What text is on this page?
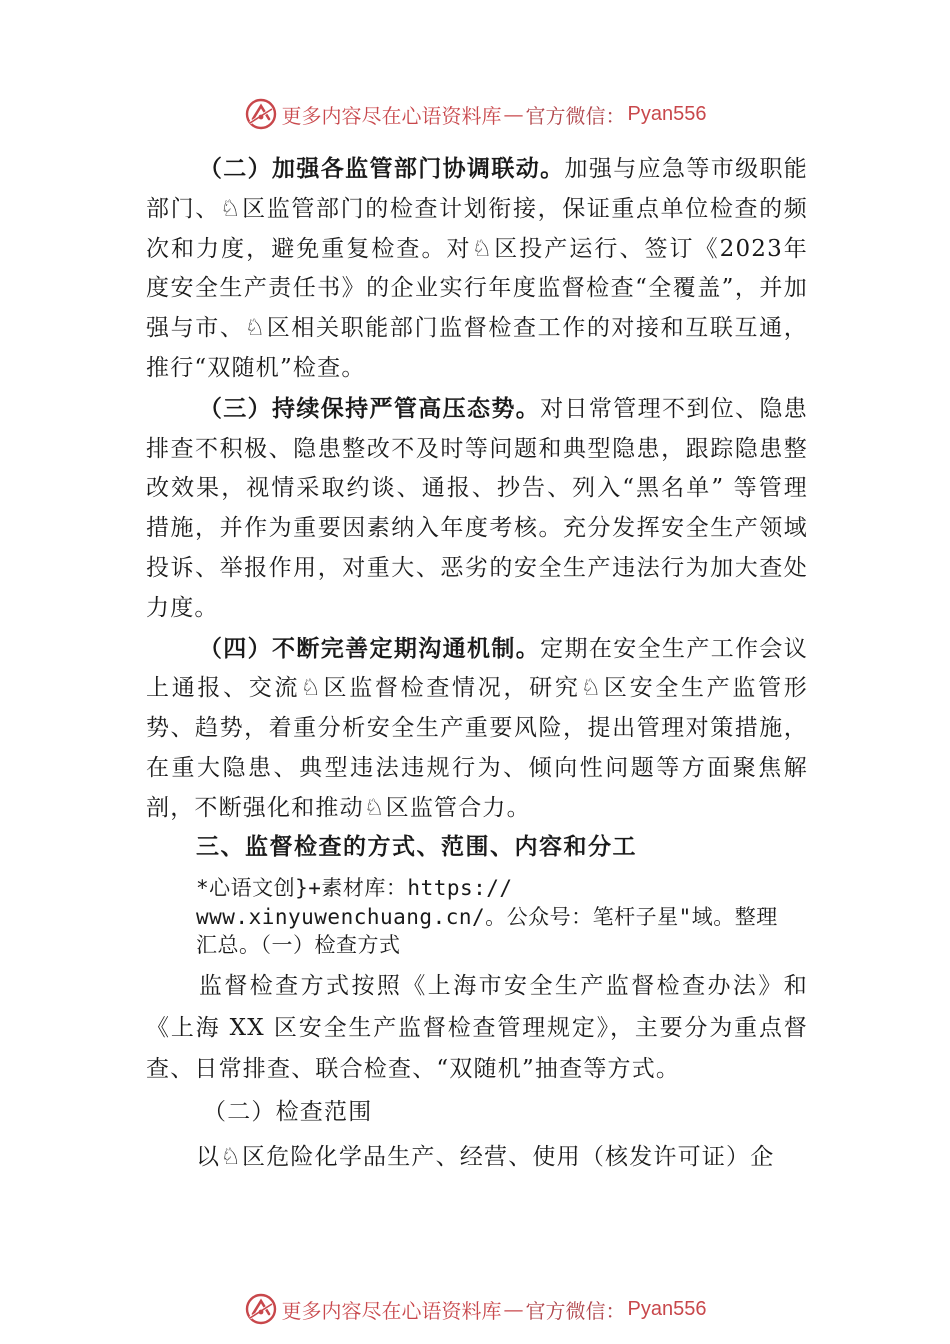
更多内容尽在心语资料库 — 官方微信： Pyan556

（二）加强各监管部门协调联动。加强与应急等市级职能部门、♘区监管部门的检查计划衔接，保证重点单位检查的频次和力度，避免重复检查。对♘区投产运行、签订《2023年度安全生产责任书》的企业实行年度监督检查“全覆盖”，并加强与市、♘区相关职能部门监督检查工作的对接和互联互通，推行“双随机”检查。

（三）持续保持严管高压态势。对日常管理不到位、隐患排查不积极、隐患整改不及时等问题和典型隐患，跟踪隐患整改效果，视情采取约谈、通报、抄告、列入“黑名单” 等管理措施，并作为重要因素纳入年度考核。充分发挥安全生产领域投诉、举报作用，对重大、恶劣的安全生产违法行为加大查处力度。

（四）不断完善定期沟通机制。定期在安全生产工作会议上通报、交流♘区监督检查情况，研究♘区安全生产监管形势、趋势，着重分析安全生产重要风险，提出管理对策措施，在重大隐患、典型违法违规行为、倾向性问题等方面聚焦解剖，不断强化和推动♘区监管合力。

三、监督检查的方式、范围、内容和分工
*心语文创}+素材库：https://
www.xinyuwenchuang.cn/。公众号：笔杆子星"域。整理
汇总。（一）检查方式

监督检查方式按照《上海市安全生产监督检查办法》和《上海 XX 区安全生产监督检查管理规定》，主要分为重点督查、日常排查、联合检查、“双随机”抽查等方式。

（二）检查范围
以♘区危险化学品生产、经营、使用（核发许可证）企
更多内容尽在心语资料库 — 官方微信： Pyan556
